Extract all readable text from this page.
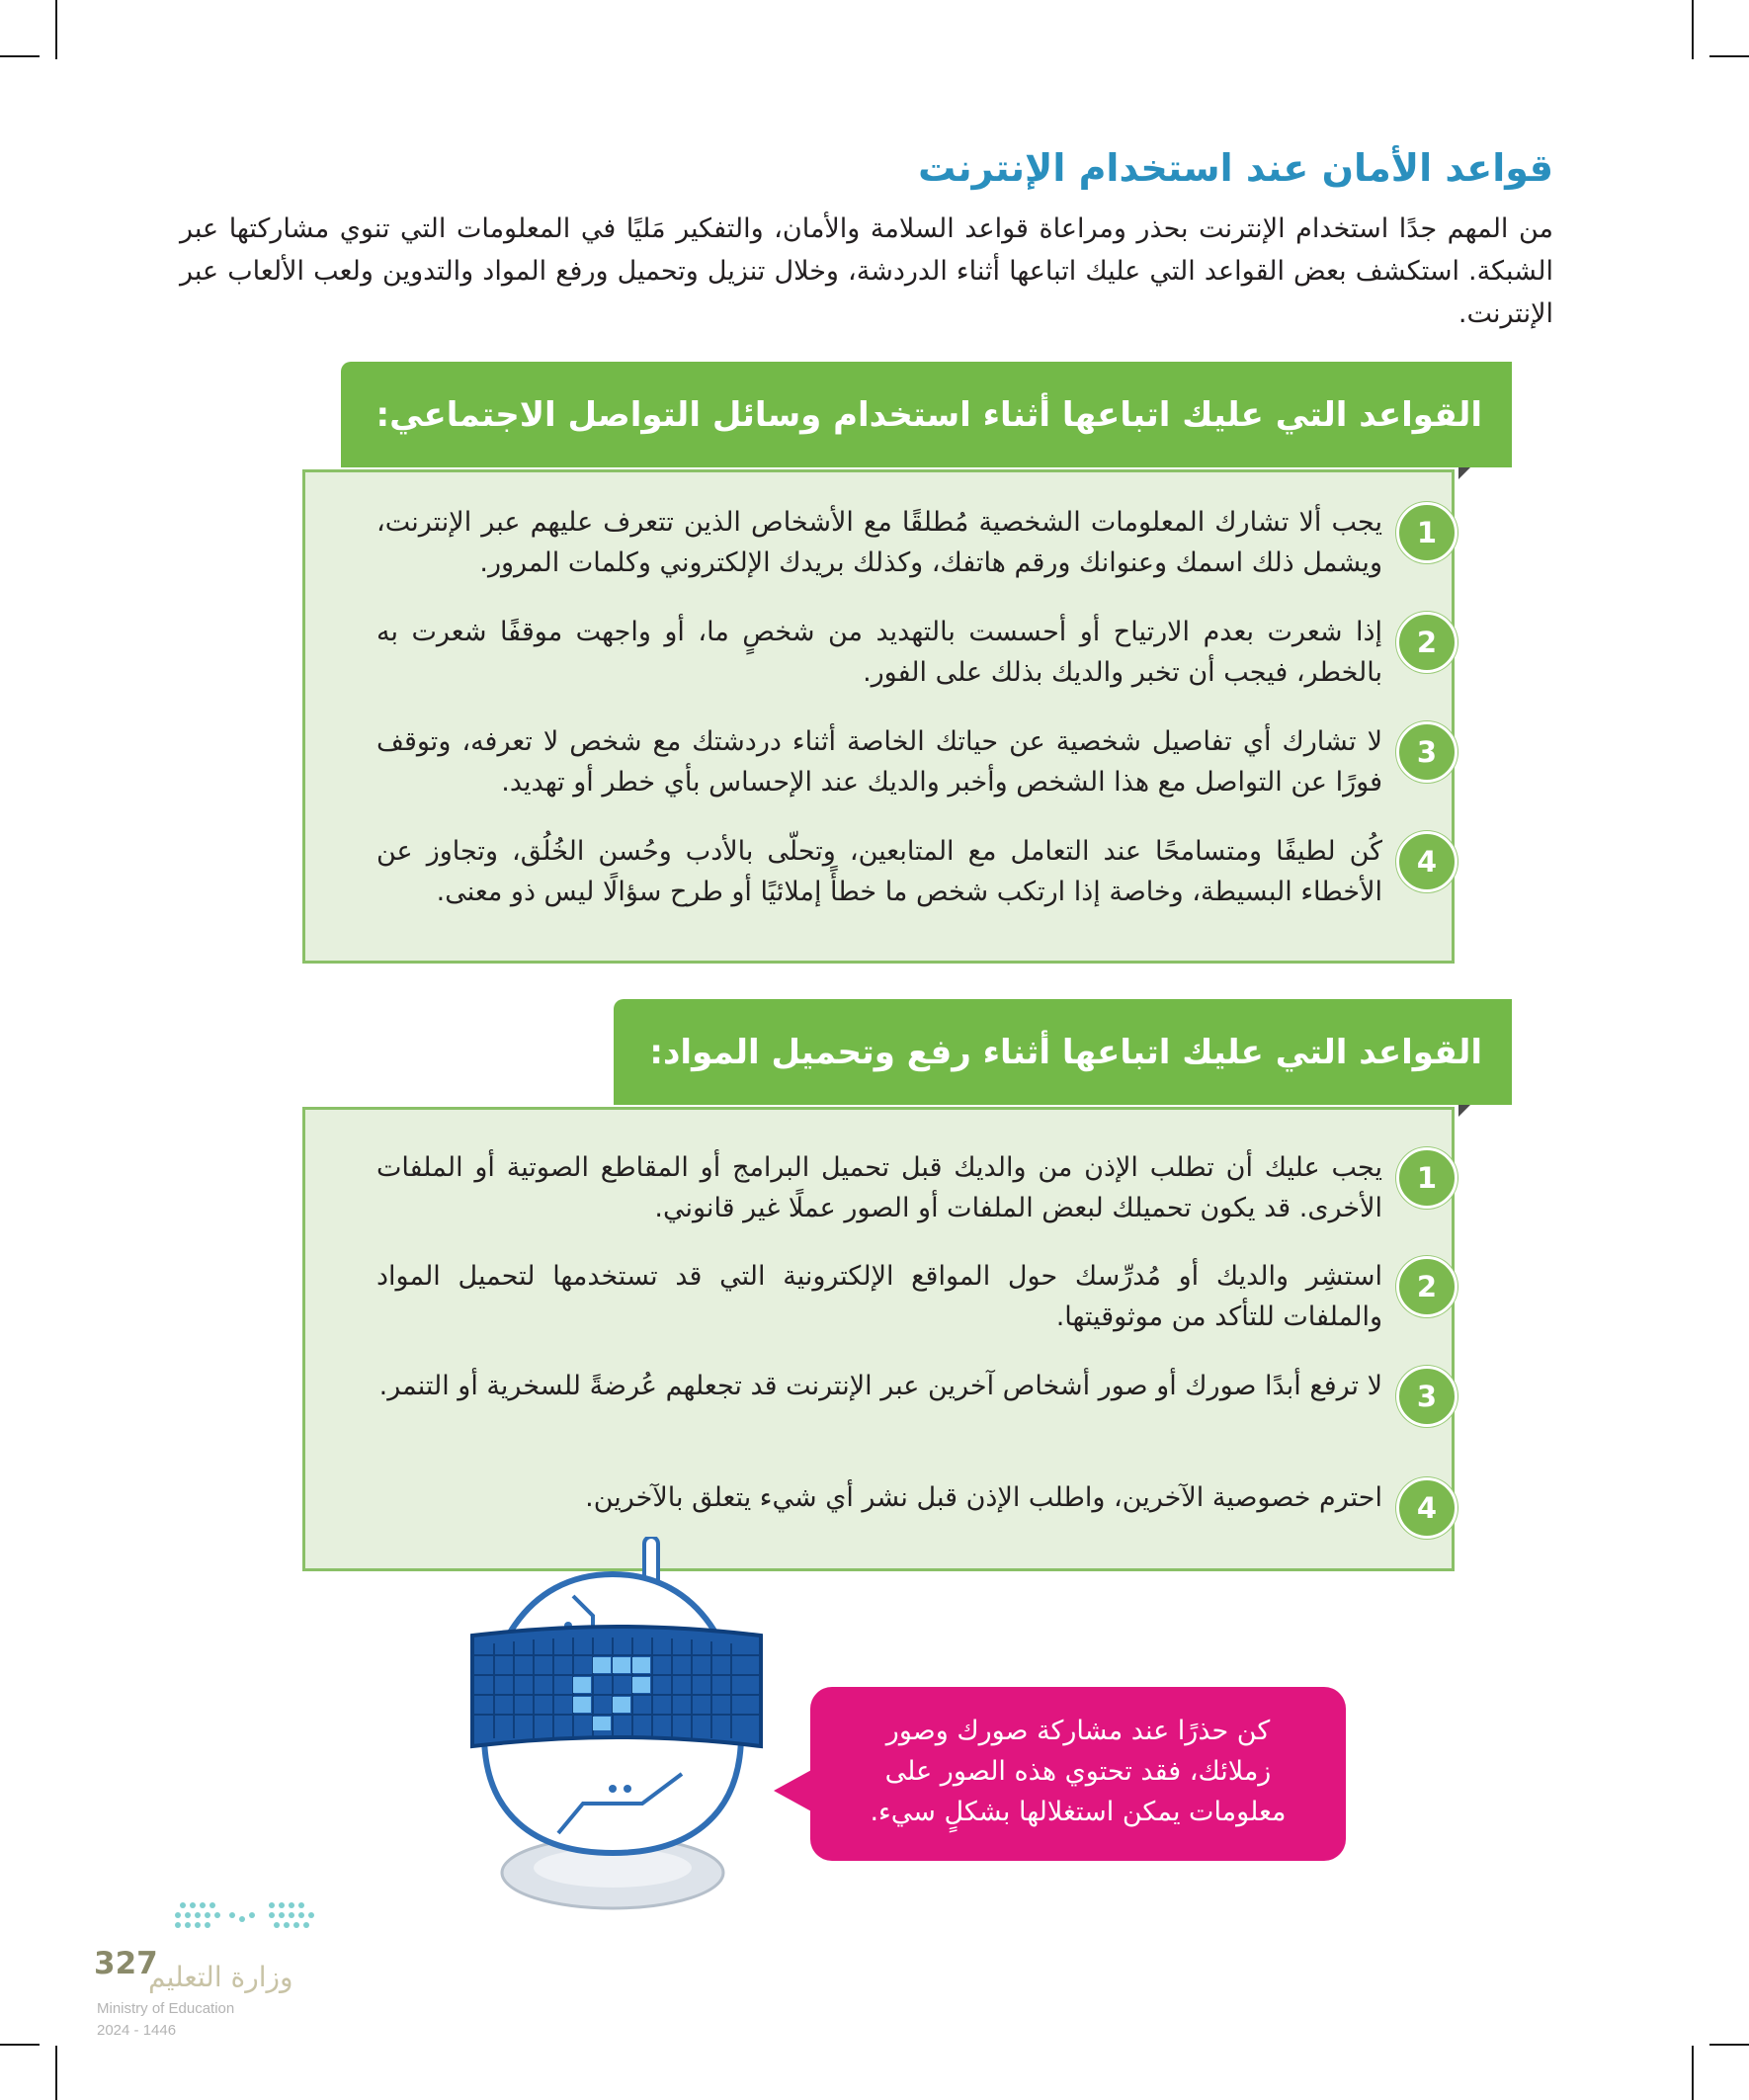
قواعد الأمان عند استخدام الإنترنت
من المهم جدًا استخدام الإنترنت بحذر ومراعاة قواعد السلامة والأمان، والتفكير مَليًا في المعلومات التي تنوي مشاركتها عبر الشبكة. استكشف بعض القواعد التي عليك اتباعها أثناء الدردشة، وخلال تنزيل وتحميل ورفع المواد والتدوين ولعب الألعاب عبر الإنترنت.
القواعد التي عليك اتباعها أثناء استخدام وسائل التواصل الاجتماعي:
1
يجب ألا تشارك المعلومات الشخصية مُطلقًا مع الأشخاص الذين تتعرف عليهم عبر الإنترنت، ويشمل ذلك اسمك وعنوانك ورقم هاتفك، وكذلك بريدك الإلكتروني وكلمات المرور.
2
إذا شعرت بعدم الارتياح أو أحسست بالتهديد من شخصٍ ما، أو واجهت موقفًا شعرت به بالخطر، فيجب أن تخبر والديك بذلك على الفور.
3
لا تشارك أي تفاصيل شخصية عن حياتك الخاصة أثناء دردشتك مع شخص لا تعرفه، وتوقف فورًا عن التواصل مع هذا الشخص وأخبر والديك عند الإحساس بأي خطر أو تهديد.
4
كُن لطيفًا ومتسامحًا عند التعامل مع المتابعين، وتحلّى بالأدب وحُسن الخُلُق، وتجاوز عن الأخطاء البسيطة، وخاصة إذا ارتكب شخص ما خطأً إملائيًا أو طرح سؤالًا ليس ذو معنى.
القواعد التي عليك اتباعها أثناء رفع وتحميل المواد:
1
يجب عليك أن تطلب الإذن من والديك قبل تحميل البرامج أو المقاطع الصوتية أو الملفات الأخرى. قد يكون تحميلك لبعض الملفات أو الصور عملًا غير قانوني.
2
استشِر والديك أو مُدرِّسك حول المواقع الإلكترونية التي قد تستخدمها لتحميل المواد والملفات للتأكد من موثوقيتها.
3
لا ترفع أبدًا صورك أو صور أشخاص آخرين عبر الإنترنت قد تجعلهم عُرضةً للسخرية أو التنمر.
4
احترم خصوصية الآخرين، واطلب الإذن قبل نشر أي شيء يتعلق بالآخرين.
كن حذرًا عند مشاركة صورك وصور زملائك، فقد تحتوي هذه الصور على معلومات يمكن استغلالها بشكلٍ سيء.
327
وزارة التعليم
Ministry of Education
2024 - 1446
